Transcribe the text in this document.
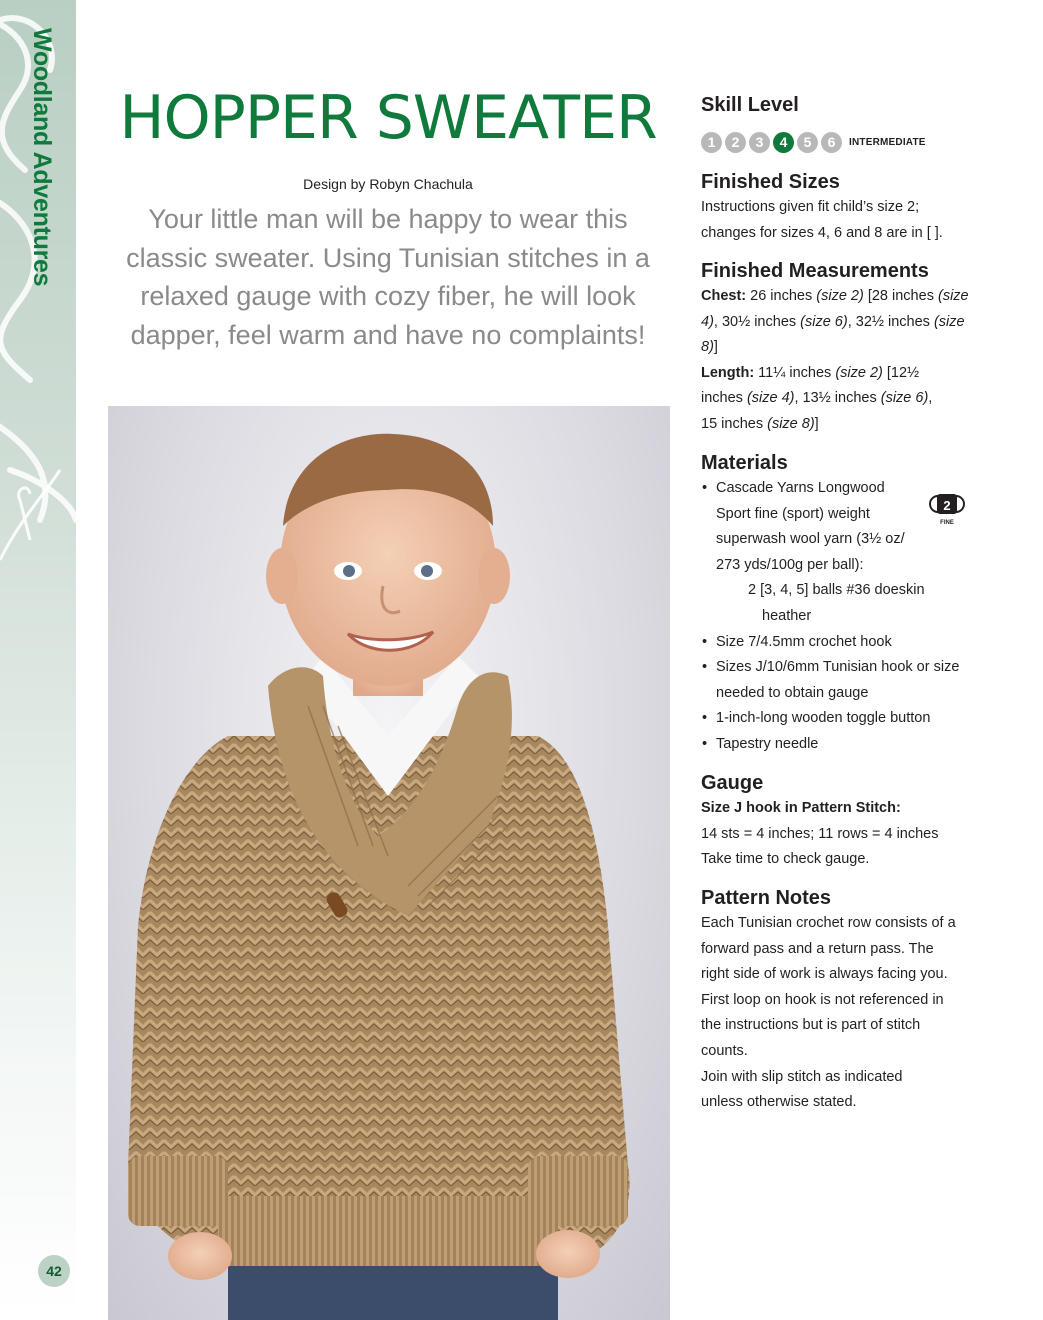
Woodland Adventures
42
HOPPER SWEATER
Design by Robyn Chachula
Your little man will be happy to wear this classic sweater. Using Tunisian stitches in a relaxed gauge with cozy fiber, he will look dapper, feel warm and have no complaints!
Skill Level
1	2	3	4	5	6	INTERMEDIATE
Finished Sizes

Instructions given fit child’s size 2; changes for sizes 4, 6 and 8 are in [ ].

Finished Measurements

Chest: 26 inches (size 2) [28 inches (size 4), 30½ inches (size 6), 32½ inches (size 8)]

Length: 11¼ inches (size 2) [12½ inches (size 4), 13½ inches (size 6), 15 inches (size 8)]

Materials
2
FINE
• Cascade Yarns Longwood
Sport fine (sport) weight
superwash wool yarn (3½ oz/
273 yds/100g per ball):
2 [3, 4, 5] balls #36 doeskin heather
• Size 7/4.5mm crochet hook
• Sizes J/10/6mm Tunisian hook or size needed to obtain gauge
• 1-inch-long wooden toggle button
• Tapestry needle
Gauge

Size J hook in Pattern Stitch:

14 sts = 4 inches; 11 rows = 4 inches

Take time to check gauge.

Pattern Notes

Each Tunisian crochet row consists of a forward pass and a return pass. The right side of work is always facing you.

First loop on hook is not referenced in the instructions but is part of stitch counts.

Join with slip stitch as indicated unless otherwise stated.
